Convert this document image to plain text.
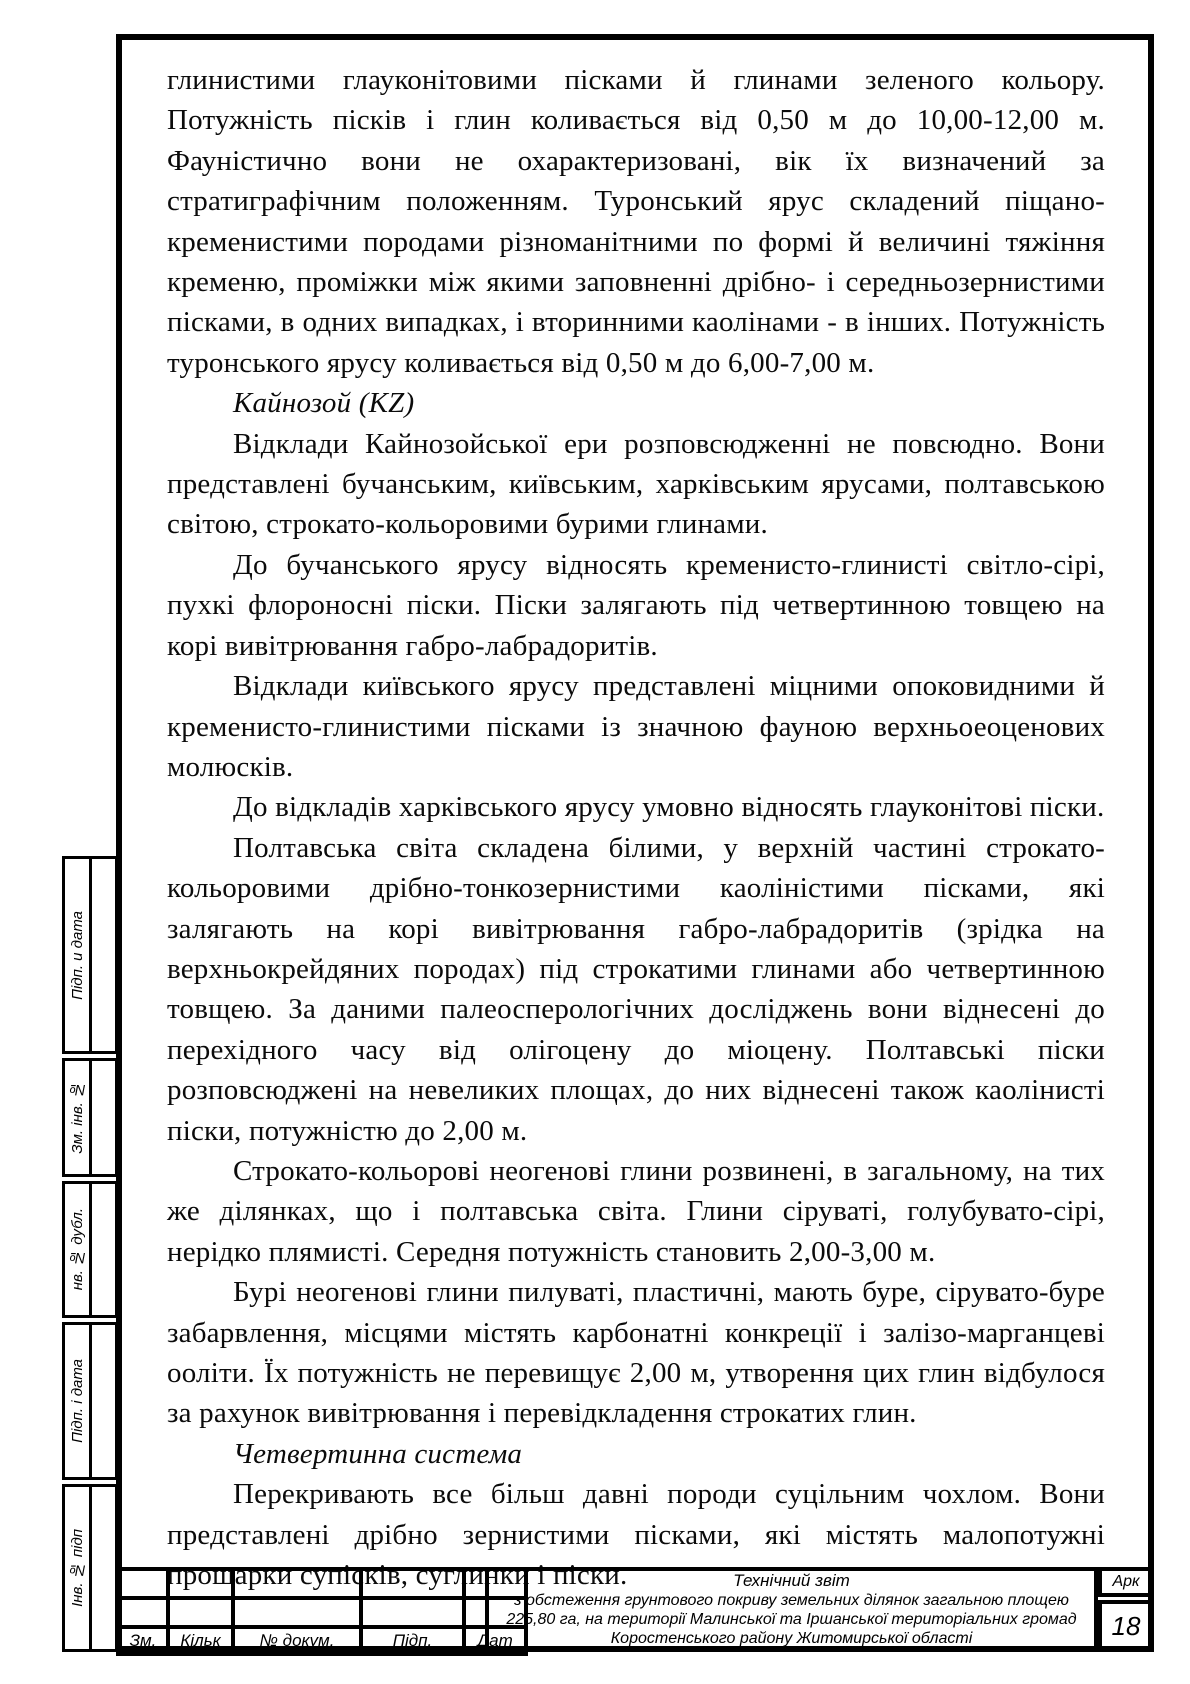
глинистими глауконітовими пісками й глинами зеленого кольору. Потужність пісків і глин коливається від 0,50 м до 10,00-12,00 м. Фауністично вони не охарактеризовані, вік їх визначений за стратиграфічним положенням. Туронський ярус складений піщано-кременистими породами різноманітними по формі й величині тяжіння кременю, проміжки між якими заповненні дрібно- і середньозернистими пісками, в одних випадках, і вторинними каолінами - в інших. Потужність туронського ярусу коливається від 0,50 м до 6,00-7,00 м.

Кайнозой (KZ)

Відклади Кайнозойської ери розповсюдженні не повсюдно. Вони представлені бучанським, київським, харківським ярусами, полтавською світою, строкато-кольоровими бурими глинами.

До бучанського ярусу відносять кременисто-глинисті світло-сірі, пухкі флороносні піски. Піски залягають під четвертинною товщею на корі вивітрювання габро-лабрадоритів.

Відклади київського ярусу представлені міцними опоковидними й кременисто-глинистими пісками із значною фауною верхньоеоценових молюсків.

До відкладів харківського ярусу умовно відносять глауконітові піски.

Полтавська світа складена білими, у верхній частині строкато-кольоровими дрібно-тонкозернистими каоліністими пісками, які залягають на корі вивітрювання габро-лабрадоритів (зрідка на верхньокрейдяних породах) під строкатими глинами або четвертинною товщею. За даними палеосперологічних досліджень вони віднесені до перехідного часу від олігоцену до міоцену. Полтавські піски розповсюджені на невеликих площах, до них віднесені також каолінисті піски, потужністю до 2,00 м.

Строкато-кольорові неогенові глини розвинені, в загальному, на тих же ділянках, що і полтавська світа. Глини сіруваті, голубувато-сірі, нерідко плямисті. Середня потужність становить 2,00-3,00 м.

Бурі неогенові глини пилуваті, пластичні, мають буре, сірувато-буре забарвлення, місцями містять карбонатні конкреції і залізо-марганцеві ооліти. Їх потужність не перевищує 2,00 м, утворення цих глин відбулося за рахунок вивітрювання і перевідкладення строкатих глин.

Четвертинна система

Перекривають все більш давні породи суцільним чохлом. Вони представлені дрібно зернистими пісками, які містять малопотужні прошарки супісків, суглинки і піски.

Підп. и дата
Зм. інв. №
нв. № дубл.
Підп. і дата
Інв. № підп

Зм.	Кільк	№ докум.	Підп.	Дат
Технічний звіт
з обстеження грунтового покриву земельних ділянок загальною площею
225,80 га, на території Малинської та Іршанської територіальних громад
Коростенського району Житомирської області
Арк
18
